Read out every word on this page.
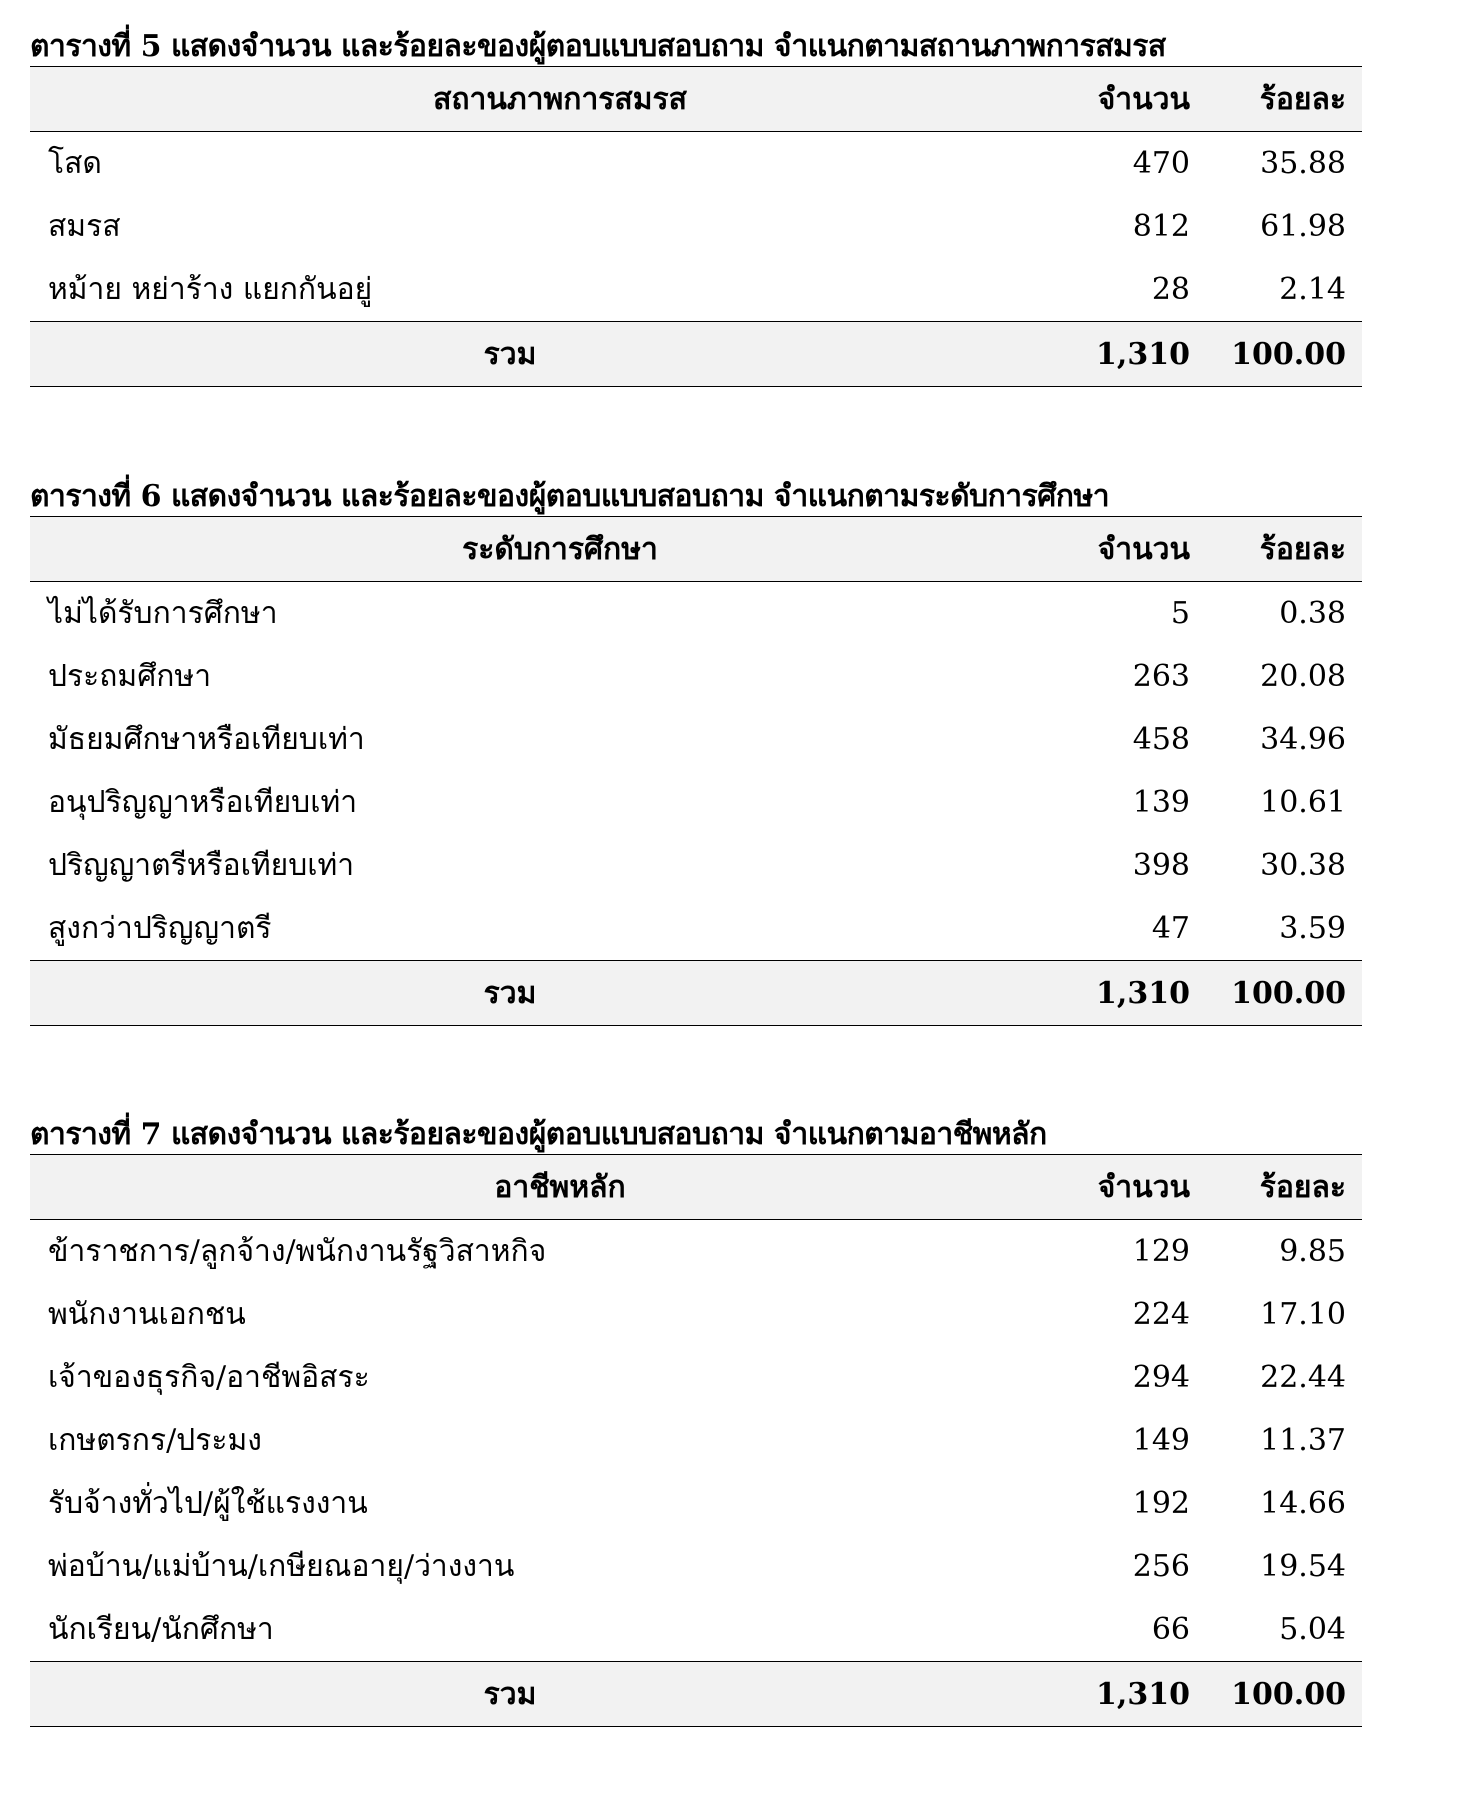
ตารางที่ 5 แสดงจำนวน และร้อยละของผู้ตอบแบบสอบถาม จำแนกตามสถานภาพการสมรส
สถานภาพการสมรส	จำนวน	ร้อยละ
โสด	470	35.88
สมรส	812	61.98
หม้าย หย่าร้าง แยกกันอยู่	28	2.14
รวม	1,310	100.00
ตารางที่ 6 แสดงจำนวน และร้อยละของผู้ตอบแบบสอบถาม จำแนกตามระดับการศึกษา
ระดับการศึกษา	จำนวน	ร้อยละ
ไม่ได้รับการศึกษา	5	0.38
ประถมศึกษา	263	20.08
มัธยมศึกษาหรือเทียบเท่า	458	34.96
อนุปริญญาหรือเทียบเท่า	139	10.61
ปริญญาตรีหรือเทียบเท่า	398	30.38
สูงกว่าปริญญาตรี	47	3.59
รวม	1,310	100.00
ตารางที่ 7 แสดงจำนวน และร้อยละของผู้ตอบแบบสอบถาม จำแนกตามอาชีพหลัก
อาชีพหลัก	จำนวน	ร้อยละ
ข้าราชการ/ลูกจ้าง/พนักงานรัฐวิสาหกิจ	129	9.85
พนักงานเอกชน	224	17.10
เจ้าของธุรกิจ/อาชีพอิสระ	294	22.44
เกษตรกร/ประมง	149	11.37
รับจ้างทั่วไป/ผู้ใช้แรงงาน	192	14.66
พ่อบ้าน/แม่บ้าน/เกษียณอายุ/ว่างงาน	256	19.54
นักเรียน/นักศึกษา	66	5.04
รวม	1,310	100.00
